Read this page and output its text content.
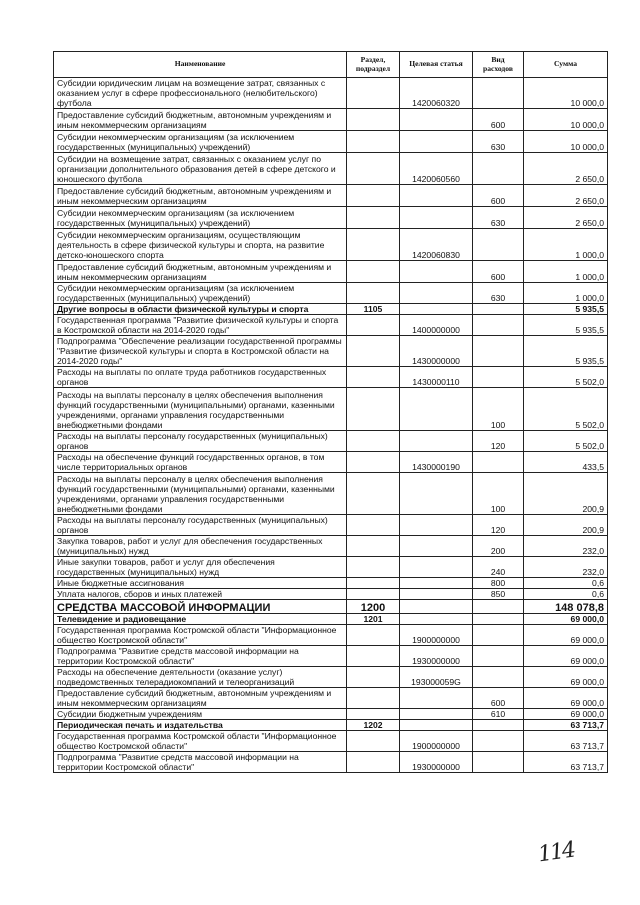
Наименование	Раздел, подраздел	Целевая статья	Вид расходов	Сумма
Субсидии юридическим лицам на возмещение затрат, связанных с оказанием услуг в сфере профессионального (нелюбительского) футбола		1420060320		10 000,0
Предоставление субсидий бюджетным, автономным учреждениям и иным некоммерческим организациям			600	10 000,0
Субсидии некоммерческим организациям (за исключением государственных (муниципальных) учреждений)			630	10 000,0
Субсидии на возмещение затрат, связанных с оказанием услуг по организации дополнительного образования детей в сфере детского и юношеского футбола		1420060560		2 650,0
Предоставление субсидий бюджетным, автономным учреждениям и иным некоммерческим организациям			600	2 650,0
Субсидии некоммерческим организациям (за исключением государственных (муниципальных) учреждений)			630	2 650,0
Субсидии некоммерческим организациям, осуществляющим деятельность в сфере физической культуры и спорта, на развитие детско-юношеского спорта		1420060830		1 000,0
Предоставление субсидий бюджетным, автономным учреждениям и иным некоммерческим организациям			600	1 000,0
Субсидии некоммерческим организациям (за исключением государственных (муниципальных) учреждений)			630	1 000,0
Другие вопросы в области физической культуры и спорта	1105			5 935,5
Государственная программа "Развитие физической культуры и спорта в Костромской области на 2014-2020 годы"		1400000000		5 935,5
Подпрограмма "Обеспечение реализации государственной программы "Развитие физической культуры и спорта в Костромской области на 2014-2020 годы"		1430000000		5 935,5
Расходы на выплаты по оплате труда работников государственных органов		1430000110		5 502,0
Расходы на выплаты персоналу в целях обеспечения выполнения функций государственными (муниципальными) органами, казенными учреждениями, органами управления государственными внебюджетными фондами			100	5 502,0
Расходы на выплаты персоналу государственных (муниципальных) органов			120	5 502,0
Расходы на обеспечение функций государственных органов, в том числе территориальных органов		1430000190		433,5
Расходы на выплаты персоналу в целях обеспечения выполнения функций государственными (муниципальными) органами, казенными учреждениями, органами управления государственными внебюджетными фондами			100	200,9
Расходы на выплаты персоналу государственных (муниципальных) органов			120	200,9
Закупка товаров, работ и услуг для обеспечения государственных (муниципальных) нужд			200	232,0
Иные закупки товаров, работ и услуг для обеспечения государственных (муниципальных) нужд			240	232,0
Иные бюджетные ассигнования			800	0,6
Уплата налогов, сборов и иных платежей			850	0,6
СРЕДСТВА МАССОВОЙ ИНФОРМАЦИИ	1200			148 078,8
Телевидение и радиовещание	1201			69 000,0
Государственная программа Костромской области "Информационное общество Костромской области"		1900000000		69 000,0
Подпрограмма "Развитие средств массовой информации на территории Костромской области"		1930000000		69 000,0
Расходы на обеспечение деятельности (оказание услуг) подведомственных телерадиокомпаний и телеорганизаций		193000059G		69 000,0
Предоставление субсидий бюджетным, автономным учреждениям и иным некоммерческим организациям			600	69 000,0
Субсидии бюджетным учреждениям			610	69 000,0
Периодическая печать и издательства	1202			63 713,7
Государственная программа Костромской области "Информационное общество Костромской области"		1900000000		63 713,7
Подпрограмма "Развитие средств массовой информации на территории Костромской области"		1930000000		63 713,7
114
